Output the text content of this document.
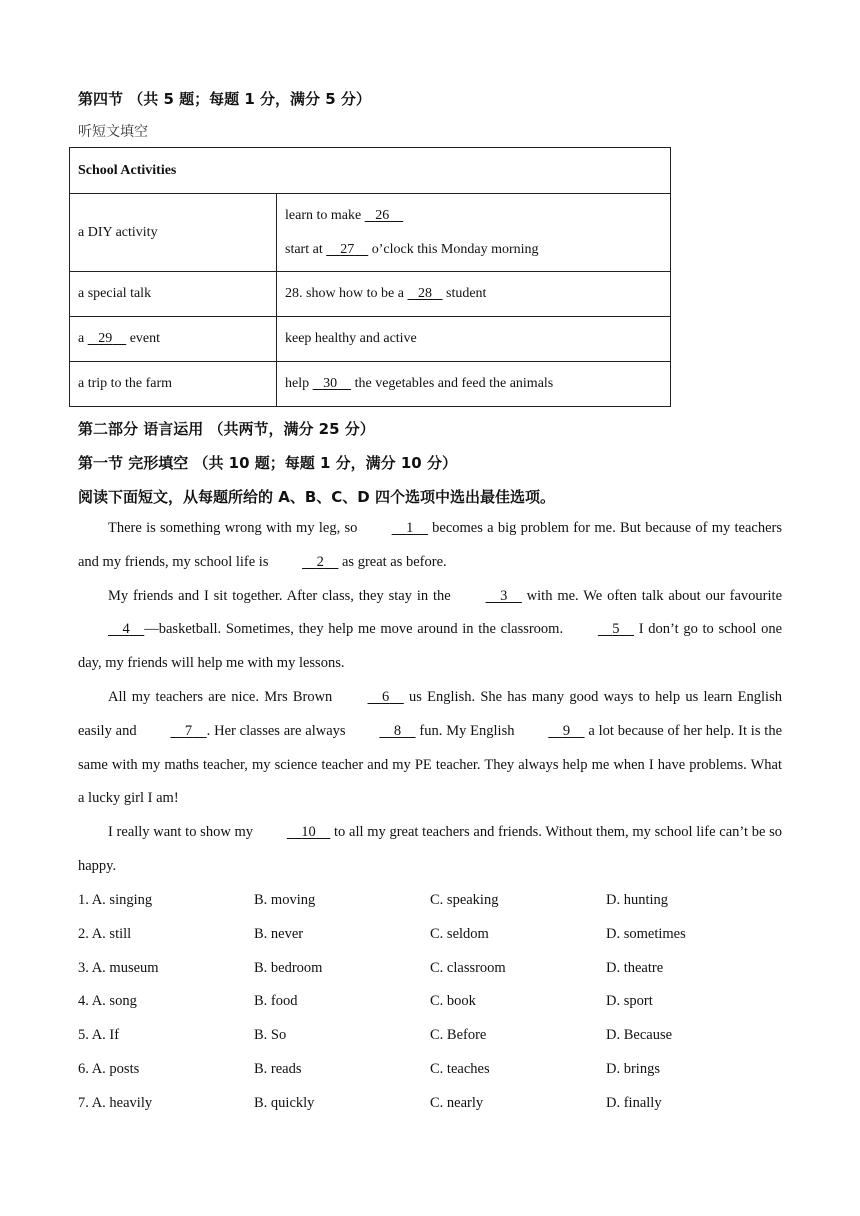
第四节 （共 5 题；每题 1 分，满分 5 分）
听短文填空
School Activities	
a DIY activity	learn to make    26
start at     27     o’clock this Monday morning

a special talk	28. show how to be a    28    student
a    29     event	keep healthy and active
a trip to the farm	help    30     the vegetables and feed the animals
第二部分 语言运用 （共两节，满分 25 分）
第一节 完形填空 （共 10 题；每题 1 分，满分 10 分）
阅读下面短文，从每题所给的 A、B、C、D 四个选项中选出最佳选项。

There is something wrong with my leg, so	1     becomes a big problem for me. But because of my teachers and my friends, my school life is	2     as great as before.

My friends and I sit together. After class, they stay in the	3     with me. We often talk about our favourite     4 —basketball. Sometimes, they help me move around in the classroom.	5     I don’t go to school one day, my friends will help me with my lessons.

All my teachers are nice. Mrs Brown	6     us English. She has many good ways to help us learn English easily and	7 . Her classes are always	8     fun. My English	9     a lot because of her help. It is the same with my maths teacher, my science teacher and my PE teacher. They always help me when I have problems. What a lucky girl I am!

I really want to show my	10     to all my great teachers and friends. Without them, my school life can’t be so happy.

1. A. singing	B. moving	C. speaking	D. hunting
2. A. still	B. never	C. seldom	D. sometimes
3. A. museum	B. bedroom	C. classroom	D. theatre
4. A. song	B. food	C. book	D. sport
5. A. If	B. So	C. Before	D. Because
6. A. posts	B. reads	C. teaches	D. brings
7. A. heavily	B. quickly	C. nearly	D. finally
